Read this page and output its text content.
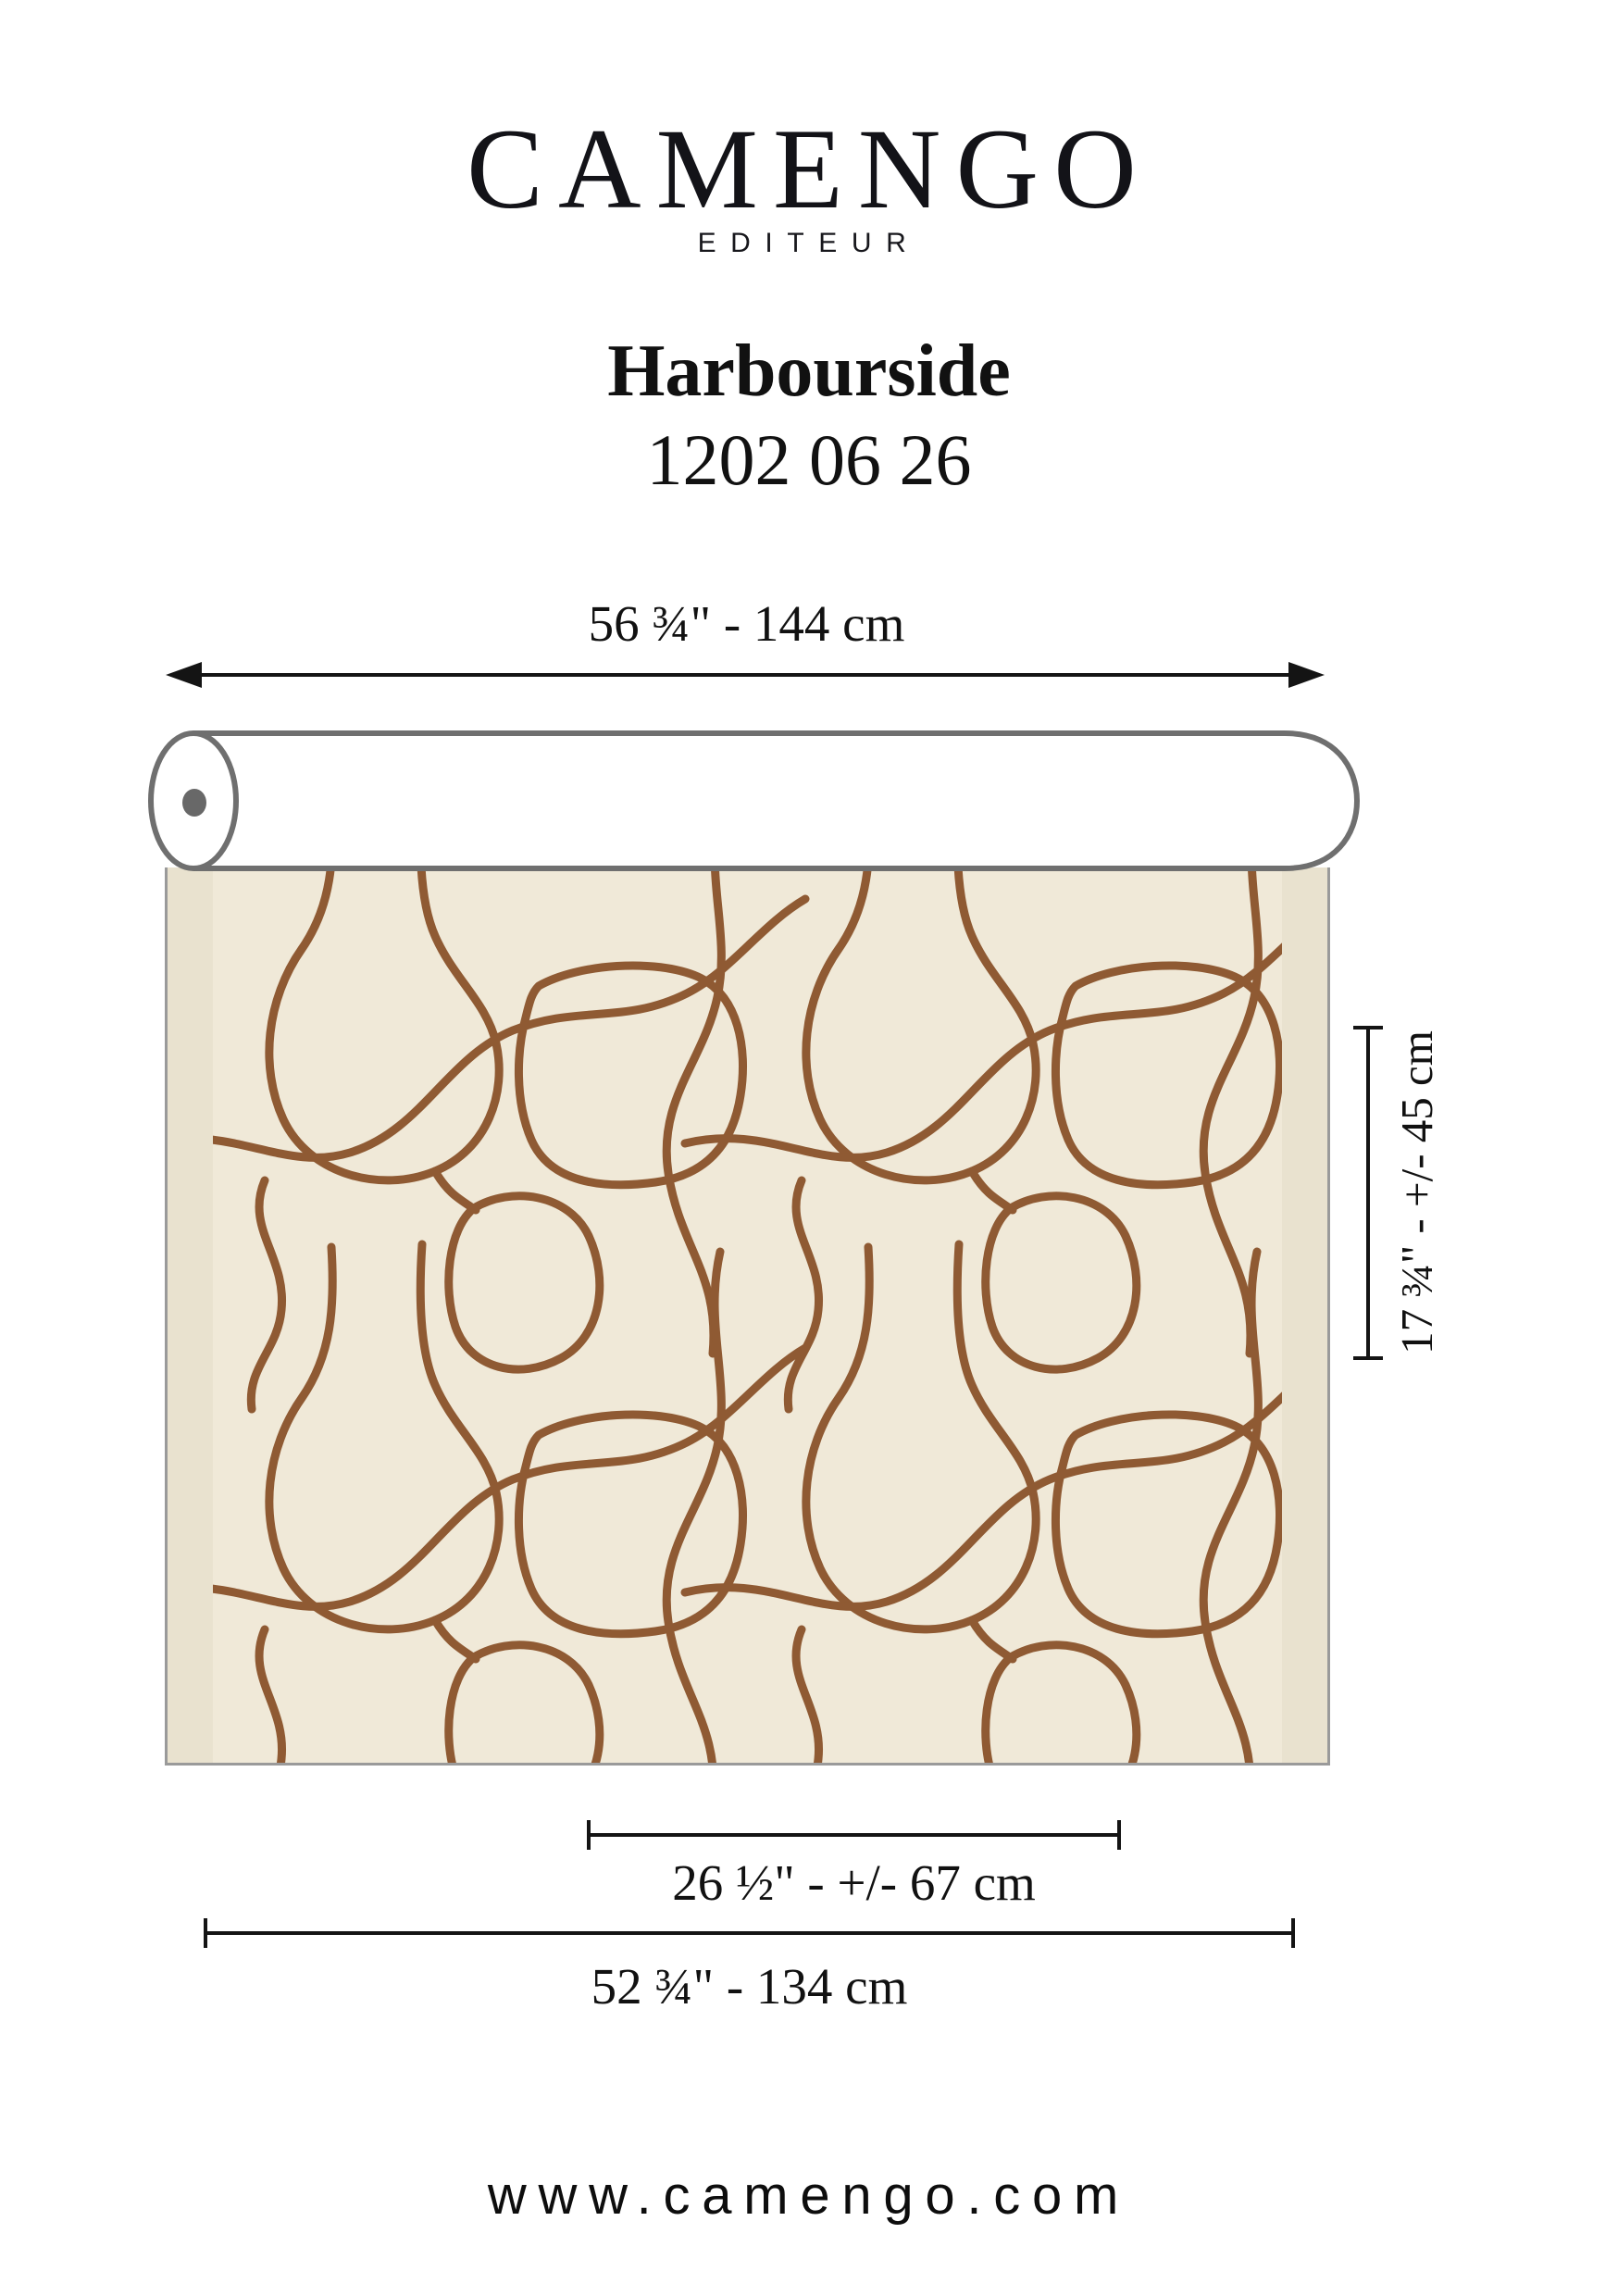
CAMENGO
EDITEUR
Harbourside
1202 06 26
56 ¾" - 144 cm
17 ¾" - +/- 45 cm
26 ½" - +/- 67 cm
52 ¾" - 134 cm
www.camengo.com
